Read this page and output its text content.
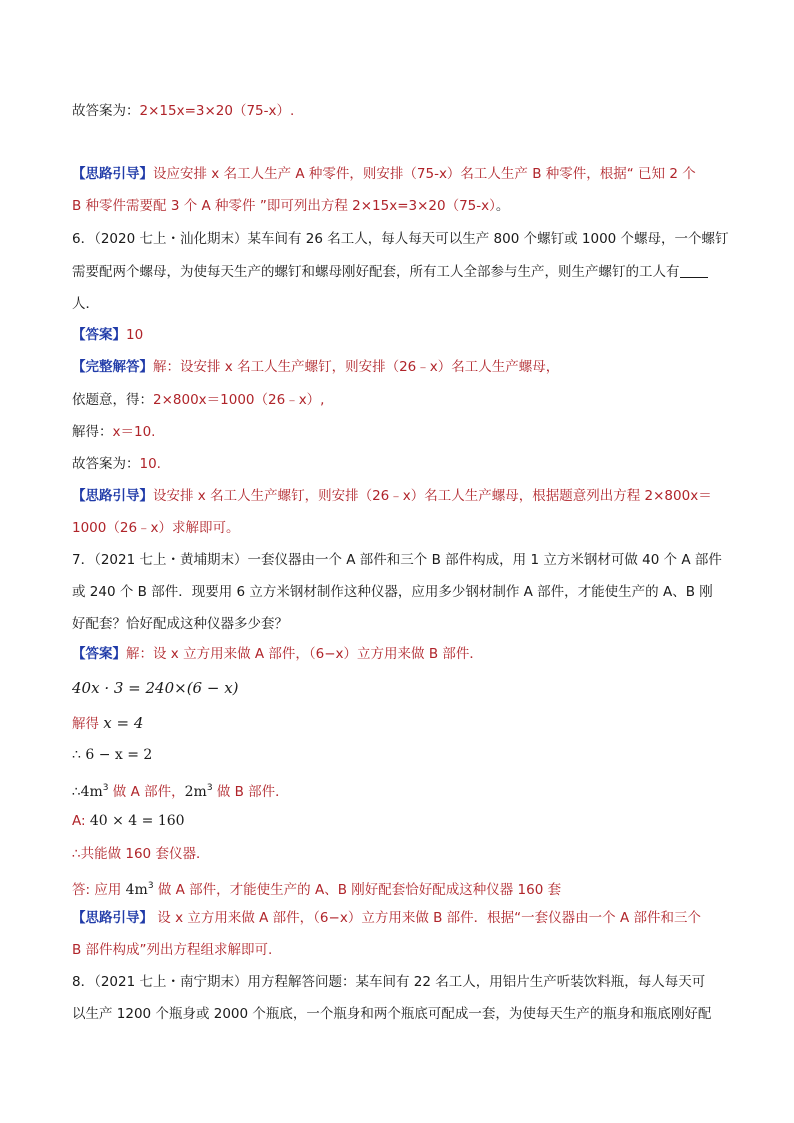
故答案为：2×15x=3×20（75-x）.
【思路引导】设应安排 x 名工人生产 A 种零件，则安排（75-x）名工人生产 B 种零件，根据“ 已知 2 个
B 种零件需要配 3 个 A 种零件 ”即可列出方程 2×15x=3×20（75-x）。
6．（2020 七上・汕化期末）某车间有 26 名工人，每人每天可以生产 800 个螺钉或 1000 个螺母，一个螺钉
需要配两个螺母，为使每天生产的螺钉和螺母刚好配套，所有工人全部参与生产，则生产螺钉的工人有
人．
【答案】10
【完整解答】解：设安排 x 名工人生产螺钉，则安排（26﹣x）名工人生产螺母，
依题意，得：2×800x＝1000（26﹣x）,
解得：x＝10.
故答案为：10.
【思路引导】设安排 x 名工人生产螺钉，则安排（26﹣x）名工人生产螺母，根据题意列出方程 2×800x＝
1000（26﹣x）求解即可。
7．（2021 七上・黄埔期末）一套仪器由一个 A 部件和三个 B 部件构成，用 1 立方米钢材可做 40 个 A 部件
或 240 个 B 部件．现要用 6 立方米钢材制作这种仪器，应用多少钢材制作 A 部件，才能使生产的 A、B 刚
好配套？恰好配成这种仪器多少套？
【答案】解：设 x 立方用来做 A 部件，（6−x）立方用来做 B 部件．
40x · 3 = 240×(6 − x)
解得 x = 4
∴ 6 − x = 2
$\therefore 4m^3$ 做 A 部件，$2m^3$ 做 B 部件．
A: 40 × 4 = 160
∴共能做 160 套仪器．
答: 应用 $4m^3$ 做 A 部件，才能使生产的 A、B 刚好配套恰好配成这种仪器 160 套
【思路引导】 设 x 立方用来做 A 部件，（6−x）立方用来做 B 部件．根据“一套仪器由一个 A 部件和三个
B 部件构成”列出方程组求解即可.
8．（2021 七上・南宁期末）用方程解答问题：某车间有 22 名工人，用铝片生产听装饮料瓶，每人每天可
以生产 1200 个瓶身或 2000 个瓶底，一个瓶身和两个瓶底可配成一套，为使每天生产的瓶身和瓶底刚好配
